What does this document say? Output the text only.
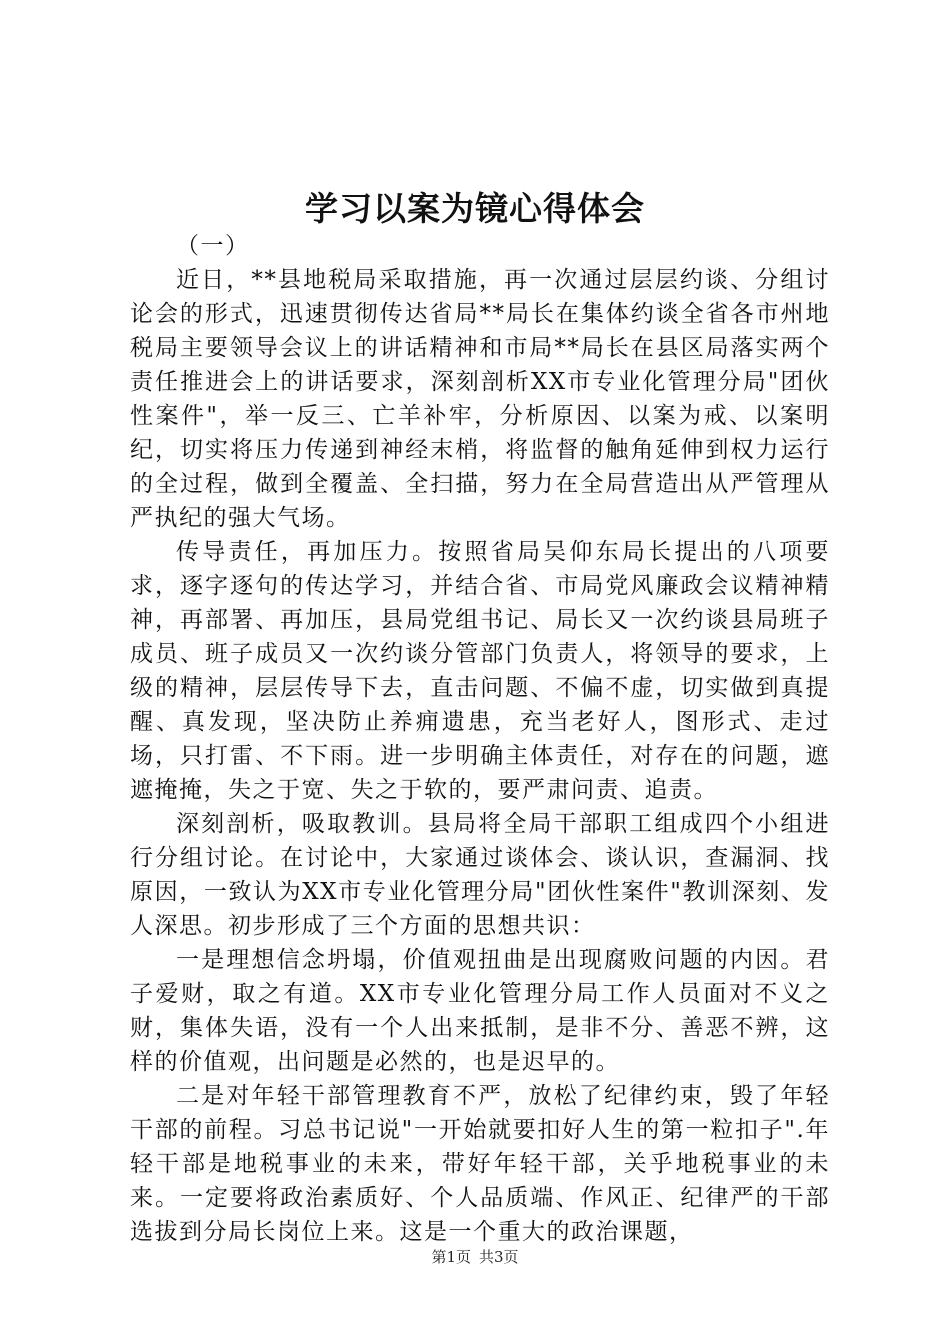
学习以案为镜心得体会

（一）

近日，**县地税局采取措施，再一次通过层层约谈、分组讨论会的形式，迅速贯彻传达省局**局长在集体约谈全省各市州地税局主要领导会议上的讲话精神和市局**局长在县区局落实两个责任推进会上的讲话要求，深刻剖析XX市专业化管理分局"团伙性案件"，举一反三、亡羊补牢，分析原因、以案为戒、以案明纪，切实将压力传递到神经末梢，将监督的触角延伸到权力运行的全过程，做到全覆盖、全扫描，努力在全局营造出从严管理从严执纪的强大气场。

传导责任，再加压力。按照省局吴仰东局长提出的八项要求，逐字逐句的传达学习，并结合省、市局党风廉政会议精神精神，再部署、再加压，县局党组书记、局长又一次约谈县局班子成员、班子成员又一次约谈分管部门负责人，将领导的要求，上级的精神，层层传导下去，直击问题、不偏不虚，切实做到真提醒、真发现，坚决防止养痈遗患，充当老好人，图形式、走过场，只打雷、不下雨。进一步明确主体责任，对存在的问题，遮遮掩掩，失之于宽、失之于软的，要严肃问责、追责。

深刻剖析，吸取教训。县局将全局干部职工组成四个小组进行分组讨论。在讨论中，大家通过谈体会、谈认识，查漏洞、找原因，一致认为XX市专业化管理分局"团伙性案件"教训深刻、发人深思。初步形成了三个方面的思想共识：

一是理想信念坍塌，价值观扭曲是出现腐败问题的内因。君子爱财，取之有道。XX市专业化管理分局工作人员面对不义之财，集体失语，没有一个人出来抵制，是非不分、善恶不辨，这样的价值观，出问题是必然的，也是迟早的。

二是对年轻干部管理教育不严，放松了纪律约束，毁了年轻干部的前程。习总书记说"一开始就要扣好人生的第一粒扣子".年轻干部是地税事业的未来，带好年轻干部，关乎地税事业的未来。一定要将政治素质好、个人品质端、作风正、纪律严的干部选拔到分局长岗位上来。这是一个重大的政治课题，

第1页 共3页
